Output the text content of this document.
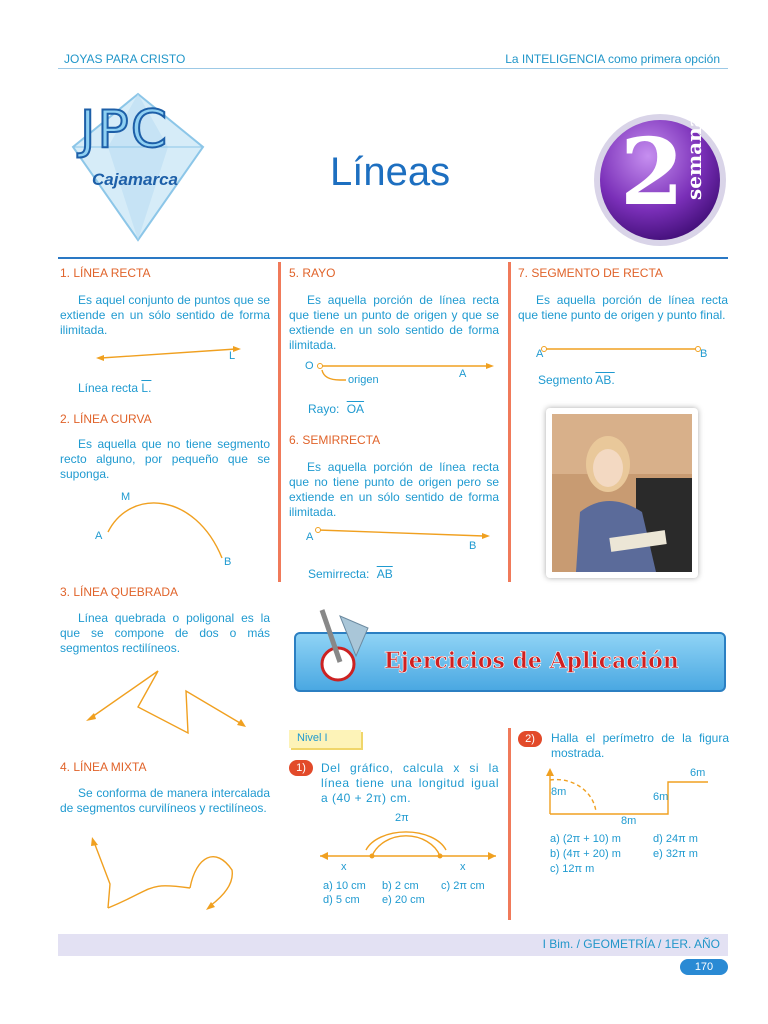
JOYAS PARA CRISTO	La INTELIGENCIA como primera opción
JPC
Cajamarca	Líneas 2
semana
1. LÍNEA RECTA
Es aquel conjunto de puntos que se extiende en un sólo sentido de forma ilimitada.
L
Línea recta L.
2. LÍNEA CURVA
Es aquella que no tiene segmento recto alguno, por pequeño que se suponga.
M
A
B
3. LÍNEA QUEBRADA
Línea quebrada o poligonal es la que se compone de dos o más segmentos rectilíneos.
4. LÍNEA MIXTA
Se conforma de manera intercalada de segmentos curvilíneos y rectilíneos.
5. RAYO
Es aquella porción de línea recta que tiene un punto de origen y que se extiende en un solo sentido de forma ilimitada.
O
origen	A
Rayo: $\overline{OA}$
6. SEMIRRECTA
Es aquella porción de línea recta que no tiene punto de origen pero se extiende en un sólo sentido de forma ilimitada.
A
B
Semirrecta: $\overline{AB}$
7. SEGMENTO DE RECTA
Es aquella porción de línea recta que tiene punto de origen y punto final.
A	B
Segmento AB.
Ejercicios de Aplicación
Nivel I
1)	Del gráfico, calcula x si la línea tiene una longitud igual a (40 + 2π) cm.
2π
x	x
a) 10 cm b) 2 cm c) 2π cm
d) 5 cm e) 20 cm
2)	Halla el perímetro de la figura mostrada.
6m
8m	6m
8m
a) (2π + 10) m	d) 24π m
b) (4π + 20) m	e) 32π m
c) 12π m
I Bim. / GEOMETRÍA / 1ER. AÑO
170
